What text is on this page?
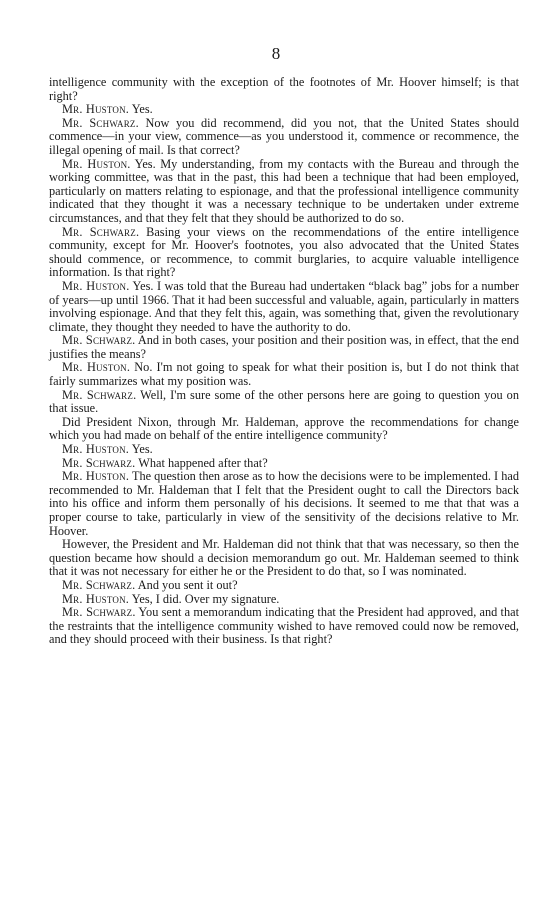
8

intelligence community with the exception of the footnotes of Mr. Hoover himself; is that right?

Mr. Huston. Yes.

Mr. Schwarz. Now you did recommend, did you not, that the United States should commence—in your view, commence—as you understood it, commence or recommence, the illegal opening of mail. Is that correct?

Mr. Huston. Yes. My understanding, from my contacts with the Bureau and through the working committee, was that in the past, this had been a technique that had been employed, particularly on matters relating to espionage, and that the professional intelligence community indicated that they thought it was a necessary technique to be undertaken under extreme circumstances, and that they felt that they should be authorized to do so.

Mr. Schwarz. Basing your views on the recommendations of the entire intelligence community, except for Mr. Hoover's footnotes, you also advocated that the United States should commence, or recommence, to commit burglaries, to acquire valuable intelligence information. Is that right?

Mr. Huston. Yes. I was told that the Bureau had undertaken “black bag” jobs for a number of years—up until 1966. That it had been successful and valuable, again, particularly in matters involving espionage. And that they felt this, again, was something that, given the revolutionary climate, they thought they needed to have the authority to do.

Mr. Schwarz. And in both cases, your position and their position was, in effect, that the end justifies the means?

Mr. Huston. No. I'm not going to speak for what their position is, but I do not think that fairly summarizes what my position was.

Mr. Schwarz. Well, I'm sure some of the other persons here are going to question you on that issue.

Did President Nixon, through Mr. Haldeman, approve the recommendations for change which you had made on behalf of the entire intelligence community?

Mr. Huston. Yes.

Mr. Schwarz. What happened after that?

Mr. Huston. The question then arose as to how the decisions were to be implemented. I had recommended to Mr. Haldeman that I felt that the President ought to call the Directors back into his office and inform them personally of his decisions. It seemed to me that that was a proper course to take, particularly in view of the sensitivity of the decisions relative to Mr. Hoover.

However, the President and Mr. Haldeman did not think that that was necessary, so then the question became how should a decision memorandum go out. Mr. Haldeman seemed to think that it was not necessary for either he or the President to do that, so I was nominated.

Mr. Schwarz. And you sent it out?

Mr. Huston. Yes, I did. Over my signature.

Mr. Schwarz. You sent a memorandum indicating that the President had approved, and that the restraints that the intelligence community wished to have removed could now be removed, and they should proceed with their business. Is that right?
